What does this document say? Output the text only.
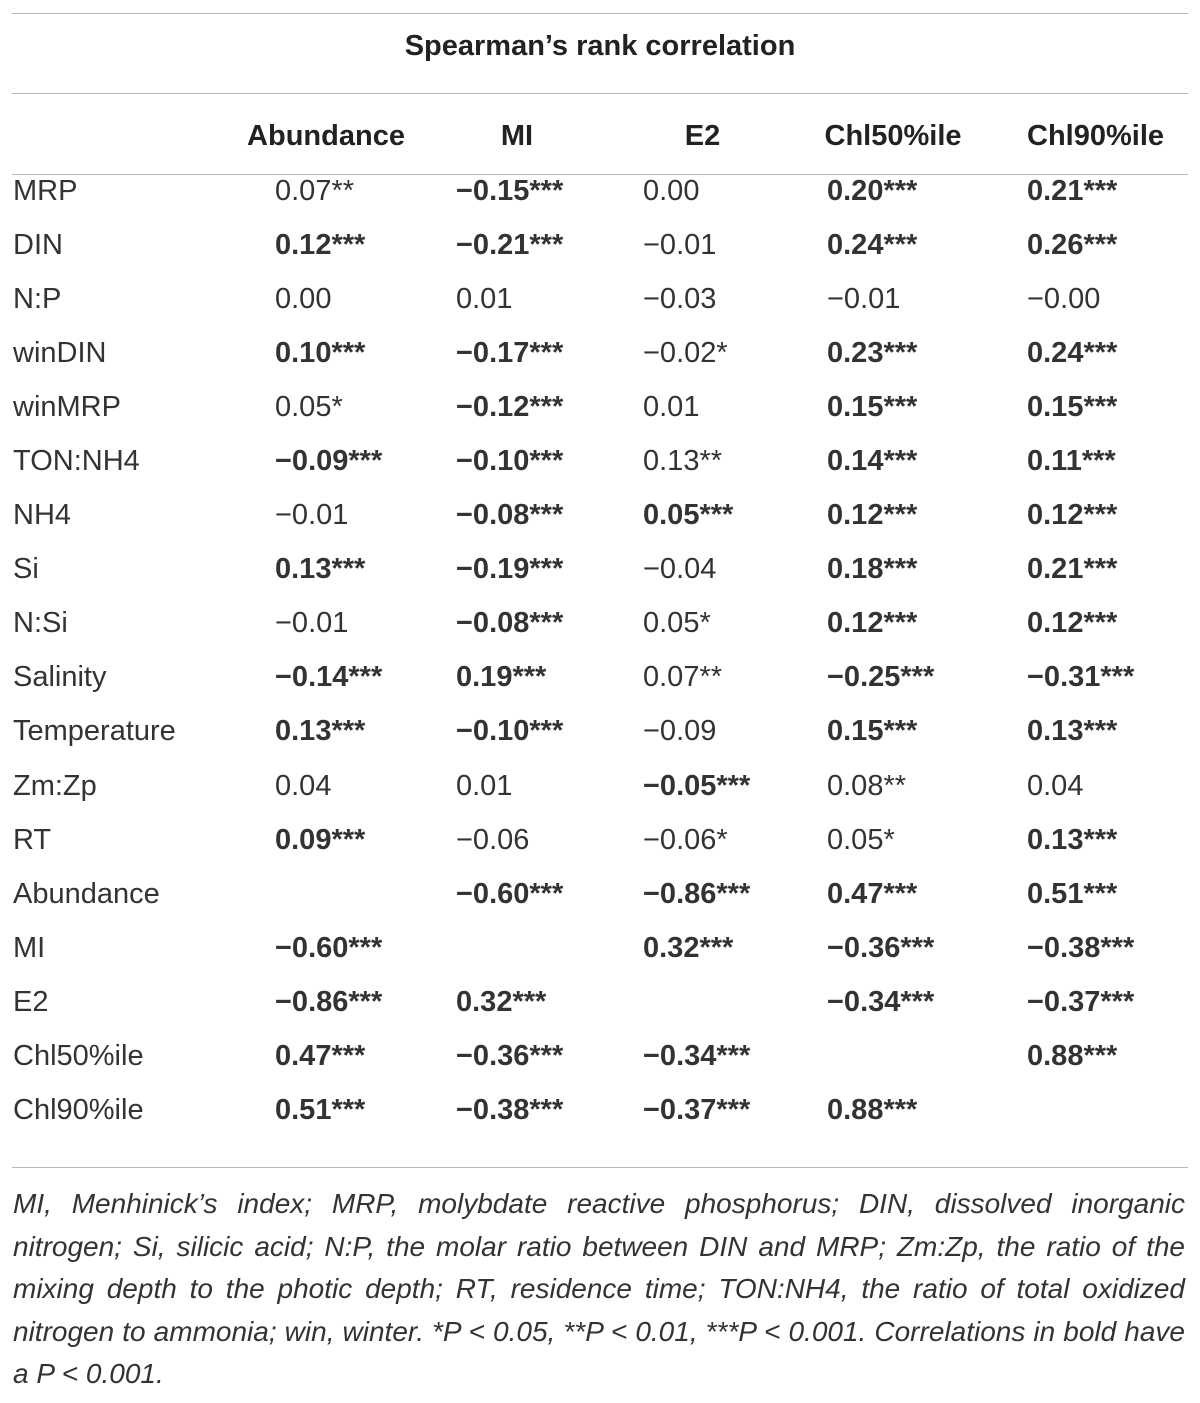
Spearman’s rank correlation
	Abundance	MI	E2	Chl50%ile	Chl90%ile
MRP	0.07**	−0.15***	0.00	0.20***	0.21***
DIN	0.12***	−0.21***	−0.01	0.24***	0.26***
N:P	0.00	0.01	−0.03	−0.01	−0.00
winDIN	0.10***	−0.17***	−0.02*	0.23***	0.24***
winMRP	0.05*	−0.12***	0.01	0.15***	0.15***
TON:NH4	−0.09***	−0.10***	0.13**	0.14***	0.11***
NH4	−0.01	−0.08***	0.05***	0.12***	0.12***
Si	0.13***	−0.19***	−0.04	0.18***	0.21***
N:Si	−0.01	−0.08***	0.05*	0.12***	0.12***
Salinity	−0.14***	0.19***	0.07**	−0.25***	−0.31***
Temperature	0.13***	−0.10***	−0.09	0.15***	0.13***
Zm:Zp	0.04	0.01	−0.05***	0.08**	0.04
RT	0.09***	−0.06	−0.06*	0.05*	0.13***
Abundance		−0.60***	−0.86***	0.47***	0.51***
MI	−0.60***		0.32***	−0.36***	−0.38***
E2	−0.86***	0.32***		−0.34***	−0.37***
Chl50%ile	0.47***	−0.36***	−0.34***		0.88***
Chl90%ile	0.51***	−0.38***	−0.37***	0.88***	
MI, Menhinick’s index; MRP, molybdate reactive phosphorus; DIN, dissolved inorganic nitrogen; Si, silicic acid; N:P, the molar ratio between DIN and MRP; Zm:Zp, the ratio of the mixing depth to the photic depth; RT, residence time; TON:NH4, the ratio of total oxidized nitrogen to ammonia; win, winter. *P < 0.05, **P < 0.01, ***P < 0.001. Correlations in bold have a P < 0.001.
